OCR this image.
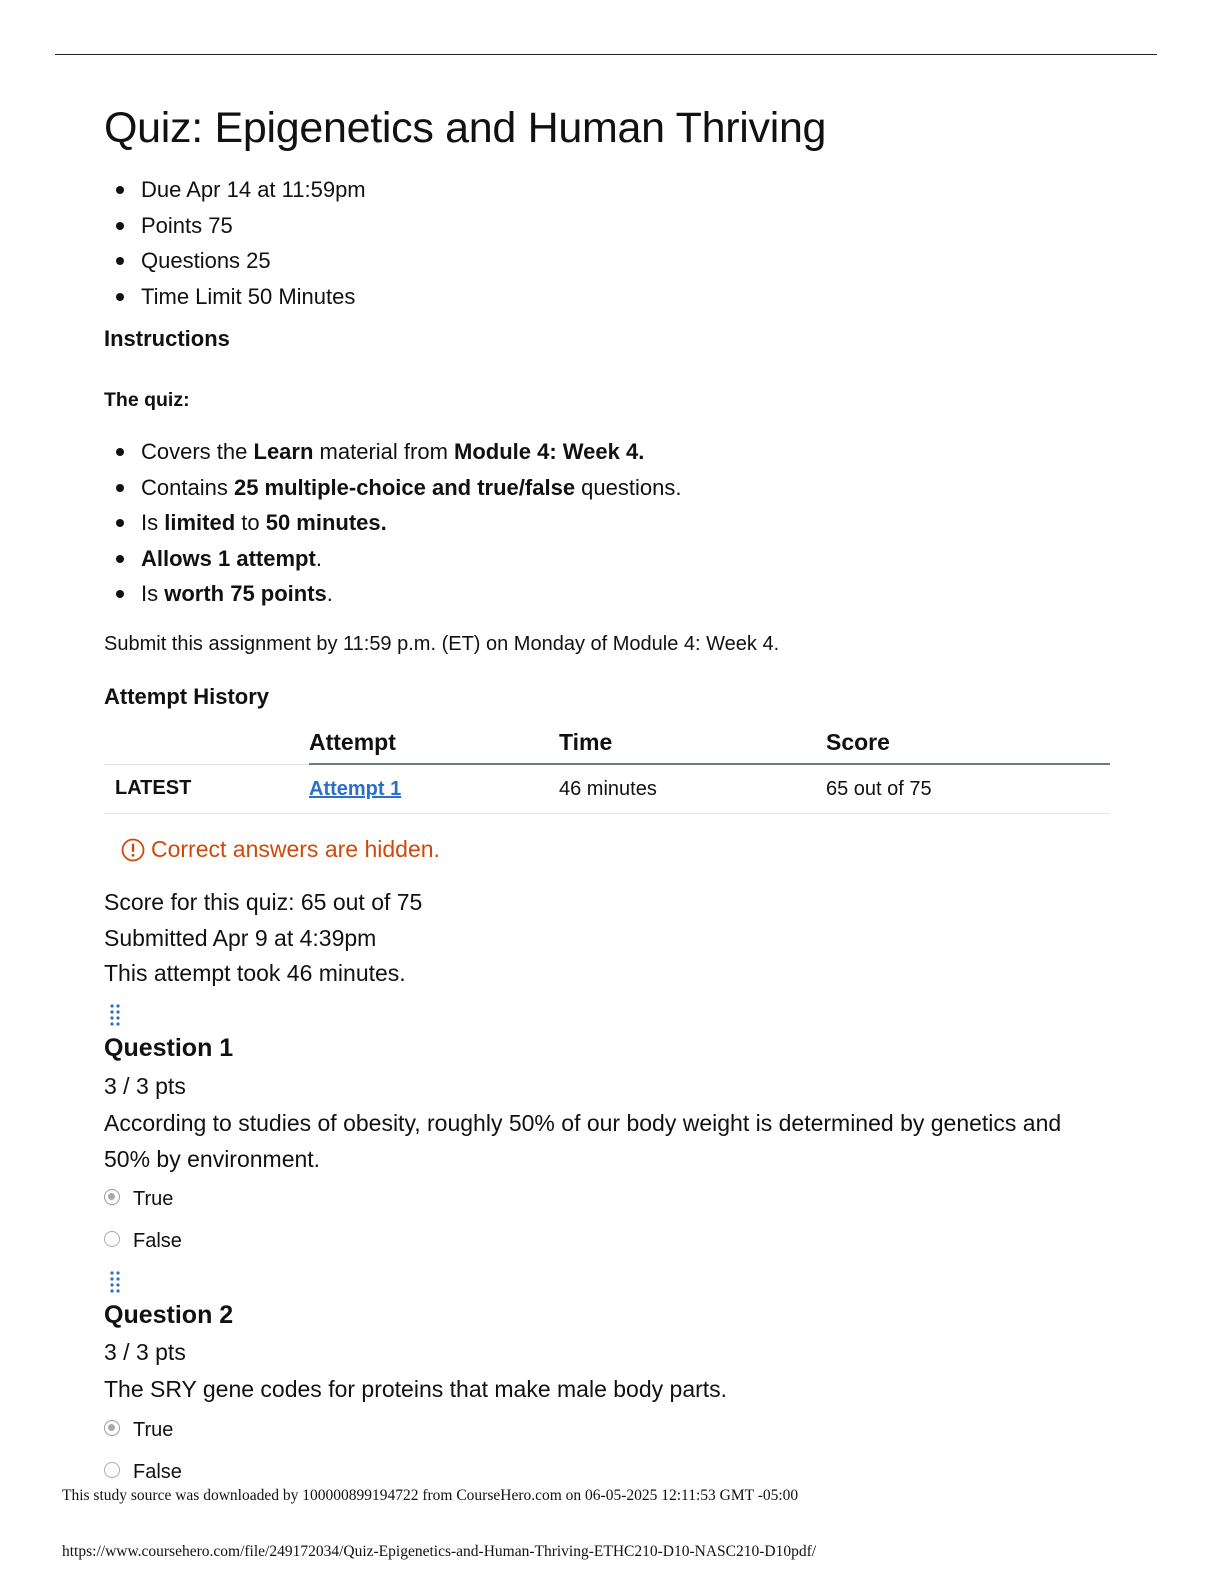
Quiz: Epigenetics and Human Thriving
Due Apr 14 at 11:59pm
Points 75
Questions 25
Time Limit 50 Minutes
Instructions
The quiz:
Covers the Learn material from Module 4: Week 4.
Contains 25 multiple-choice and true/false questions.
Is limited to 50 minutes.
Allows 1 attempt.
Is worth 75 points.
Submit this assignment by 11:59 p.m. (ET) on Monday of Module 4: Week 4.
Attempt History
	Attempt	Time	Score
LATEST	Attempt 1	46 minutes	65 out of 75
Correct answers are hidden.
Score for this quiz: 65 out of 75
Submitted Apr 9 at 4:39pm
This attempt took 46 minutes.
Question 1
3 / 3 pts
According to studies of obesity, roughly 50% of our body weight is determined by genetics and 50% by environment.
True
False
Question 2
3 / 3 pts
The SRY gene codes for proteins that make male body parts.
True
False
This study source was downloaded by 100000899194722 from CourseHero.com on 06-05-2025 12:11:53 GMT -05:00
https://www.coursehero.com/file/249172034/Quiz-Epigenetics-and-Human-Thriving-ETHC210-D10-NASC210-D10pdf/
